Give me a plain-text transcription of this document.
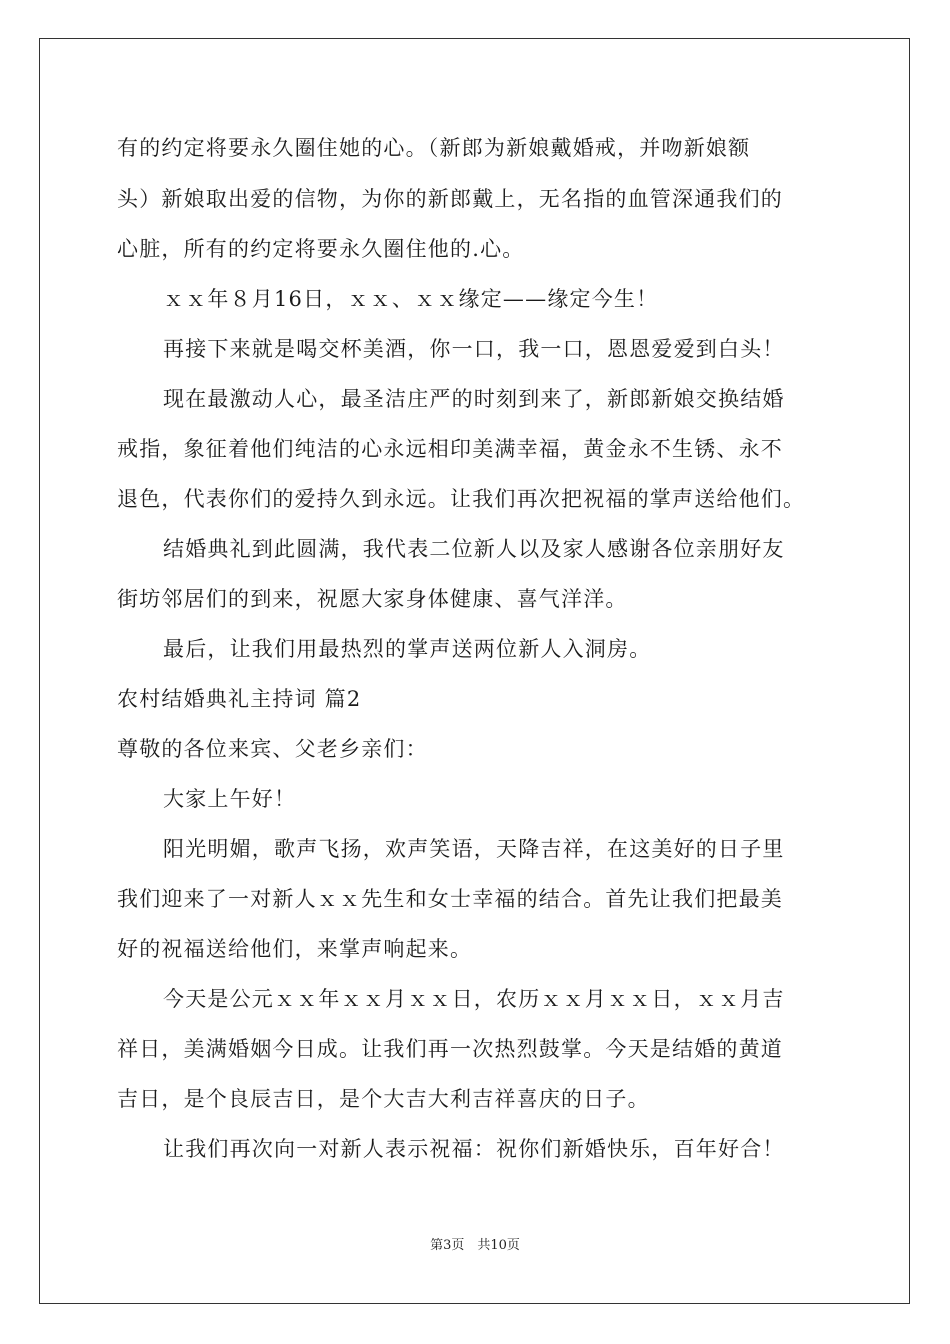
有的约定将要永久圈住她的心。（新郎为新娘戴婚戒，并吻新娘额
头）新娘取出爱的信物，为你的新郎戴上，无名指的血管深通我们的
心脏，所有的约定将要永久圈住他的.心。
ｘｘ年８月16日，ｘｘ、ｘｘ缘定——缘定今生！
再接下来就是喝交杯美酒，你一口，我一口，恩恩爱爱到白头！
现在最激动人心，最圣洁庄严的时刻到来了，新郎新娘交换结婚
戒指，象征着他们纯洁的心永远相印美满幸福，黄金永不生锈、永不
退色，代表你们的爱持久到永远。让我们再次把祝福的掌声送给他们。
结婚典礼到此圆满，我代表二位新人以及家人感谢各位亲朋好友
街坊邻居们的到来，祝愿大家身体健康、喜气洋洋。
最后，让我们用最热烈的掌声送两位新人入洞房。
农村结婚典礼主持词 篇2
尊敬的各位来宾、父老乡亲们：
大家上午好！
阳光明媚，歌声飞扬，欢声笑语，天降吉祥，在这美好的日子里
我们迎来了一对新人ｘｘ先生和女士幸福的结合。首先让我们把最美
好的祝福送给他们，来掌声响起来。
今天是公元ｘｘ年ｘｘ月ｘｘ日，农历ｘｘ月ｘｘ日，ｘｘ月吉
祥日，美满婚姻今日成。让我们再一次热烈鼓掌。今天是结婚的黄道
吉日，是个良辰吉日，是个大吉大利吉祥喜庆的日子。
让我们再次向一对新人表示祝福：祝你们新婚快乐，百年好合！
第3页　共10页
